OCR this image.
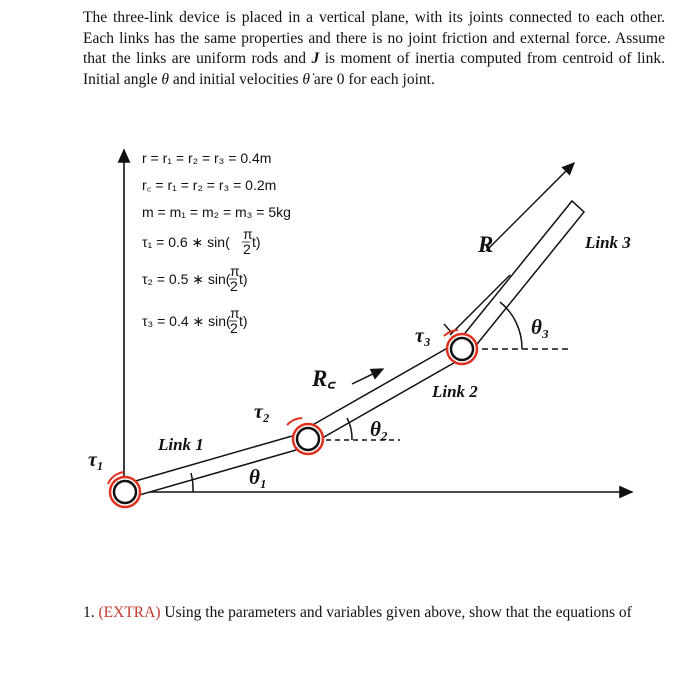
The three-link device is placed in a vertical plane, with its joints connected to each other. Each links has the same properties and there is no joint friction and external force. Assume that the links are uniform rods and J is moment of inertia computed from centroid of link. Initial angle θ and initial velocities θ̇ are 0 for each joint.

r = r₁ = r₂ = r₃ = 0.4m
r꜀ = r₁ = r₂ = r₃ = 0.2m
m = m₁ = m₂ = m₃ = 5kg
τ₁ = 0.6 ∗ sin( π
2 t)
τ₂ = 0.5 ∗ sin( π
2 t)
τ₃ = 0.4 ∗ sin( π
2 t)
R
R꜀
τ₁
τ₂
τ₃
θ₁
θ₂
θ₃
Link 1
Link 2
Link 3

1. (EXTRA) Using the parameters and variables given above, show that the equations of
